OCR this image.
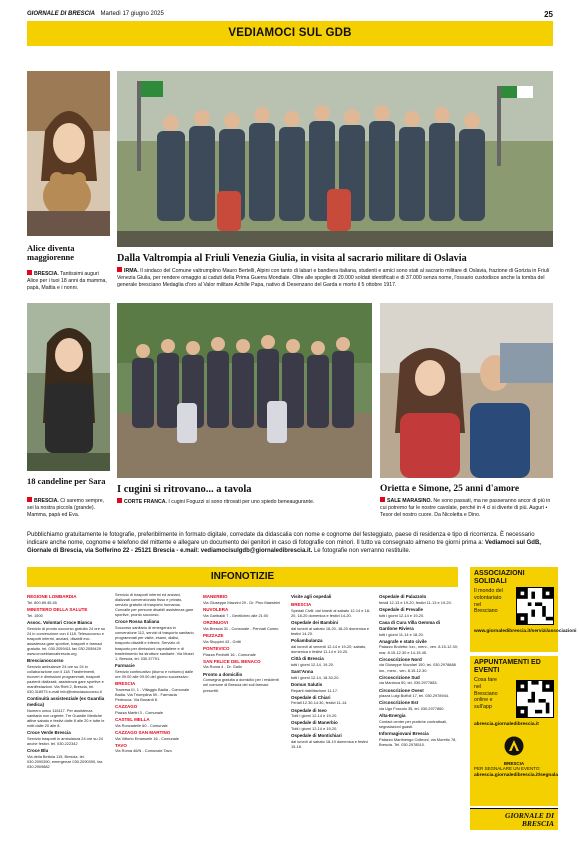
GIORNALE DI BRESCIA Martedì 17 giugno 2025	25
VEDIAMOCI SUL GDB
Alice diventa maggiorenne
BRESCIA. Tantissimi auguri Alice per i tuoi 18 anni da mamma, papà, Mattia e i nonni.
Dalla Valtrompia al Friuli Venezia Giulia, in visita al sacrario militare di Oslavia
IRMA. Il sindaco del Comune valtrumplino Mauro Bertelli, Alpini con tanto di labari e bandiera italiana, studenti e amici sono stati al sacrario militare di Oslavia, frazione di Gorizia in Friuli Venezia Giulia, per rendere omaggio ai caduti della Prima Guerra Mondiale. Oltre alle spoglie di 20.000 soldati identificati e di 37.000 senza nome, l'ossario custodisce anche la tomba del generale bresciano Medaglia d'oro al Valor militare Achille Papa, nativo di Desenzano del Garda e morto il 5 ottobre 1917.
18 candeline per Sara
BRESCIA. Ci saremo sempre, sei la nostra piccola (grande). Mamma, papà ed Eva.
I cugini si ritrovano... a tavola
CORTE FRANCA. I cugini Foguzzi si sono ritrovati per uno spiedo beneaugurante.
Orietta e Simone, 25 anni d'amore
SALE MARASINO. Ne sono passati, ma ne passeranno ancor di più in cui potremo far le nostre cavolate, perché in 4 ci si diverte di più. Auguri • Tesor del nostro cuore. Da Nicoletta e Dino.
Pubblichiamo gratuitamente le fotografie, preferibilmente in formato digitale, corredate da didascalia con nome e cognome del festeggiato, paese di residenza e tipo di ricorrenza. È necessario indicare anche nome, cognome e telefono del mittente e allegare un documento dei genitori in caso di fotografie con minori. Il tutto va consegnato almeno tre giorni prima a: Vediamoci sul GdB, Giornale di Brescia, via Solferino 22 - 25121 Brescia - e.mail: vediamocisulgdb@giornaledibrescia.it. Le fotografie non verranno restituite.
INFONOTIZIE
REGIONE LOMBARDIA
Tel. 800.89.45.45
MINISTERO DELLA SALUTE
Tel. 1500
Assoc. Volontari Croce Bianca
Servizio di pronto soccorso gratuito 24 ore su 24 in convenzione con il 118. Telesoccorso e trasporti infermi, anziani, disabili ecc. assistenza gare sportive, trasporti e farmaci gratuito. tel. 030.2059411 fax 030.2059429 www.crocebiancabrescia.org
Brescianoccorso
Servizio ambulanze 24 ore su 24 in collaborazione con il 118. Trasferimenti, ricoveri e dimissioni programmati, trasporti pazienti dializzati, assistenza gare sportive e manifestazioni. Via Rieti 2, Brescia, tel. 030.318973 e-mail info@bresciasoccorso.it
Continuità assistenziale (ex Guardia medica)
Numero unico 116117. Per assistenza sanitaria non urgente. Tre Guardie Mediche attive sabato e festivi dalle 8 alle 20 e tutte le notti dalle 20 alle 8.
Croce Verde Brescia
Servizio trasporti in ambulanza 24 ore su 24 anche festivi. tel. 030.222342
Croce Blu
Via della Bettola 115, Brescia. tel. 030.2090390, emergenze 030.2090390, fax 030.2909882
Servizio di trasporti infermi ed anziani, dializzati convenzionato fisso e privato, servizio gratuito di trasporto humanus. Convalle per persone disabili assistenza gare sportive, pronto soccorso.
Croce Rossa Italiana
Soccorso sanitario di emergenza in convenzione 112, servizi di trasporto sanitario programmati per visite, esami, dialisi, trasporto disabili e infermi. Servizio di trasporto per dimissioni ospedaliere e di trasferimento tra strutture sanitarie. Via Musei 1, Brescia, tel. 030.37791.
Farmacie
Servizio continuativo (diurno e notturno) dalle ore 09.00 alle 09.00 del giorno successivo:
BRESCIA
Traversa III, 1 - Villaggio Badia - Comunale Badia. Via Triumplina 59 - Farmacia Pedrocca. Via Bonardi 8.
CAZZAGO
Piazza Martiri 3 - Comunale
CASTEL MELLA
Via Roncadelle 60 - Comunale
CAZZAGO SAN MARTINO
Via Vittorio Emanuele 16 - Comunale
TAVO
Via Roma 46/N - Comunale Tavo
MANERBIO
Via Giuseppe Mazzini 29 - Dr. Pino Maestrini
NUVOLERA
Via Garibaldi 7 - Gentilchec alle 21:00
ORZINUOVI
Via Brescia 31 - Comunale - Pennati Cuneo
PEZZAZE
Via Stoppini 43 - Gritti
PONTEVICO
Piazza Pedrotti 16 - Comunale
SAN FELICE DEL BENACO
Via Roma 4 - Dr. Gallo
Pronto a domicilio
Consegna gratuita a domicilio per i residenti nel comune di Brescia dei soli farmaci prescritti.
Visite agli ospedali
BRESCIA
Spedali Civili: dal lunedì al sabato 12-14 e 18-20, 18-20 domenica e festivi 14-20.
Ospedale dei Bambini
dal lunedì al sabato 18-20, 18-20 domenica e festivi 14-20.
Poliambulanza
dal lunedì al venerdì 12-14 e 19-20; sabato, domenica e festivi 11-14 e 19-20.
Città di Brescia
tutti i giorni 12-14, 19-20.
Sant'Anna
tutti i giorni 12-14, 18.30-20.
Domus Salutis
Reparti riabilitazione 11-17.
Ospedale di Chiari
Feriali 12.30-14.30, festivi 11-14.
Ospedale di Iseo
Tutti i giorni 12-14 e 19-20.
Ospedale di Manerbio
Tutti i giorni 12-14 e 19-20.
Ospedale di Montichiari
dal lunedì al sabato 18-19 domenica e festivi 15-16.
Ospedale di Palazzolo
feriali 12-13 e 19-20, festivi 11-13 e 19-20.
Ospedale di Prevalle
tutti i giorni 12-14 e 19-20.
Casa di Cura Villa Gemma di Gardone Riviera
tutti i giorni 11-14 e 18-20.
Anagrafe e stato civile
Palazzo Broletto: lun., merc., ven. 8.15-12.30; mar. 8.15-12.30 e 14-15.45.
Circoscrizione Nord
via Giuseppe Nuvolari 150, tel. 030.2978888 lun., merc., ven. 8.15-12.30.
Circoscrizione Sud
via Mantova 50, tel. 030.2977883.
Circoscrizione Ovest
piazza Luigi Buffoli 17, tel. 030.2978944.
Circoscrizione Est
via Ugo Foscolo 35, tel. 030.2977860.
Alta-Energia
Contact center per pratiche contrattuali, segnalazioni guasti.
Informagiovani Brescia
Palazzo Martinengo Colleoni, via Moretto 78, Brescia. Tel. 030.2978510.
ASSOCIAZIONI SOLIDALI
Il mondo del volontariato nel Bresciano
www.giornaledibrescia.it/servizi/associazioni
APPUNTAMENTI ED EVENTI
Cosa fare nel Bresciano online e sull'app
abrescia.giornaledibrescia.it
BRESCIA
PER SEGNALARE UN EVENTO:
abrescia.giornaledibrescia.it/segnala
GIORNALE DI BRESCIA
